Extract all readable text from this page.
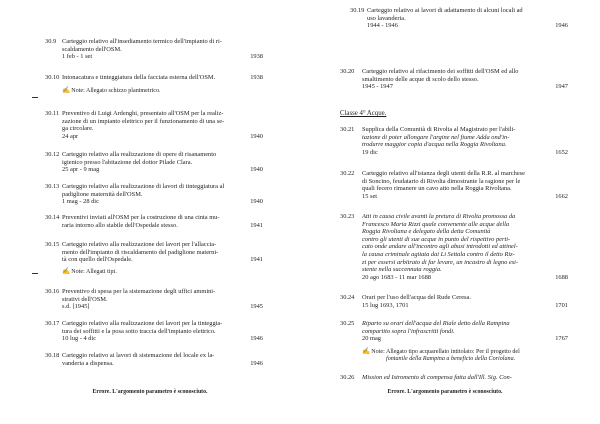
30.9 Carteggio relativo all'insediamento termico dell'impianto di ri-
scaldamento dell'OSM.
1 feb - 1 set	1938
30.10 Intonacatura e tinteggiatura della facciata esterna dell'OSM.	1938
✍Note: Allegato schizzo planimetrico.
30.11 Preventivo di Luigi Ardenghi, presentato all'OSM per la realiz-
zazione di un impianto elettrico per il funzionamento di una se-
ga circolare.
24 apr	1940
30.12 Carteggio relativo alla realizzazione di opere di risanamento
igienico presso l'abitazione del dottor Pilade Clara.
25 apr - 9 mag	1940
30.13 Carteggio relativo alla realizzazione di lavori di tinteggiatura al
padiglione maternità dell'OSM.
1 mag - 28 dic	1940
30.14 Preventivi inviati all'OSM per la costruzione di una cinta mu-
raria intorno allo stabile dell'Ospedale stesso.	1941
30.15 Carteggio relativo alla realizzazione dei lavori per l'allaccia-
mento dell'impianto di riscaldamento del padiglione materni-
tà con quello dell'Ospedale.	1941
✍Note: Allegati tipi.
30.16 Preventivo di spesa per la sistemazione degli uffici ammini-
strativi dell'OSM.
s.d. [1945]	1945
30.17 Carteggio relativo alla realizzazione dei lavori per la tinteggia-
tura dei soffitti e la posa sotto traccia dell'impianto elettrico.
10 lug - 4 dic	1946
30.18 Carteggio relativo ai lavori di sistemazione del locale ex la-
vanderia a dispensa.	1946
Errore. L'argomento parametro è sconosciuto.
30.19 Carteggio relativo ai lavori di adattamento di alcuni locali ad
uso lavanderia.
1944 - 1946	1946
30.20 Carteggio relativo al rifacimento dei soffitti dell'OSM ed allo
smaltimento delle acque di scolo dello stesso.
1945 - 1947	1947
Classe 4° Acque.
30.21 Supplica della Comunità di Rivolta al Magistrato per l'abili-
tazione di poter allongare l'argine nel fiume Adda ond'in-
trodurre maggior copia d'acqua nella Roggia Rivoltana.
19 dic	1652
30.22 Carteggio relativo all'istanza degli utenti della R.R. al marchese
di Soncino, feudatario di Rivolta dimostrante la ragione per le
quali fecero rimanere un cavo atto nella Roggia Rivoltana.
15 set	1662
30.23 Atti in causa civile avanti la pretura di Rivolta promossa da
Francesco Maria Rizzi quale convenente alle acque della
Roggia Rivoltana e delegato della detta Comunità
contro gli utenti di sue acque in punto del rispettivo perti-
cato onde andare all'incontro agli abusi introdotti ed attinel-
la causa criminale agitata dai Li Settala contro il detto Riz-
zi per essersi arbitrato di far levare, un incastro di legno esi-
stente nella succennata roggia.
20 ago 1683 - 11 mar 1688	1688
30.24 Orari per l'uso dell'acqua del Rude Ceresa.
15 lug 1693, 1701	1701
30.25 Riparto su orari dell'acqua del Riale detto della Rampina
compartito sopra l'infrascritti fondi.
20 mag	1767
✍Note: Allegato tipo acquarellato intitolato: Per il progetto del
fontanile della Rampina a beneficio della Coriolana.
30.26 Mission ed Istromento di compensa fatta dall'Ill. Sig. Con-
Errore. L'argomento parametro è sconosciuto.
